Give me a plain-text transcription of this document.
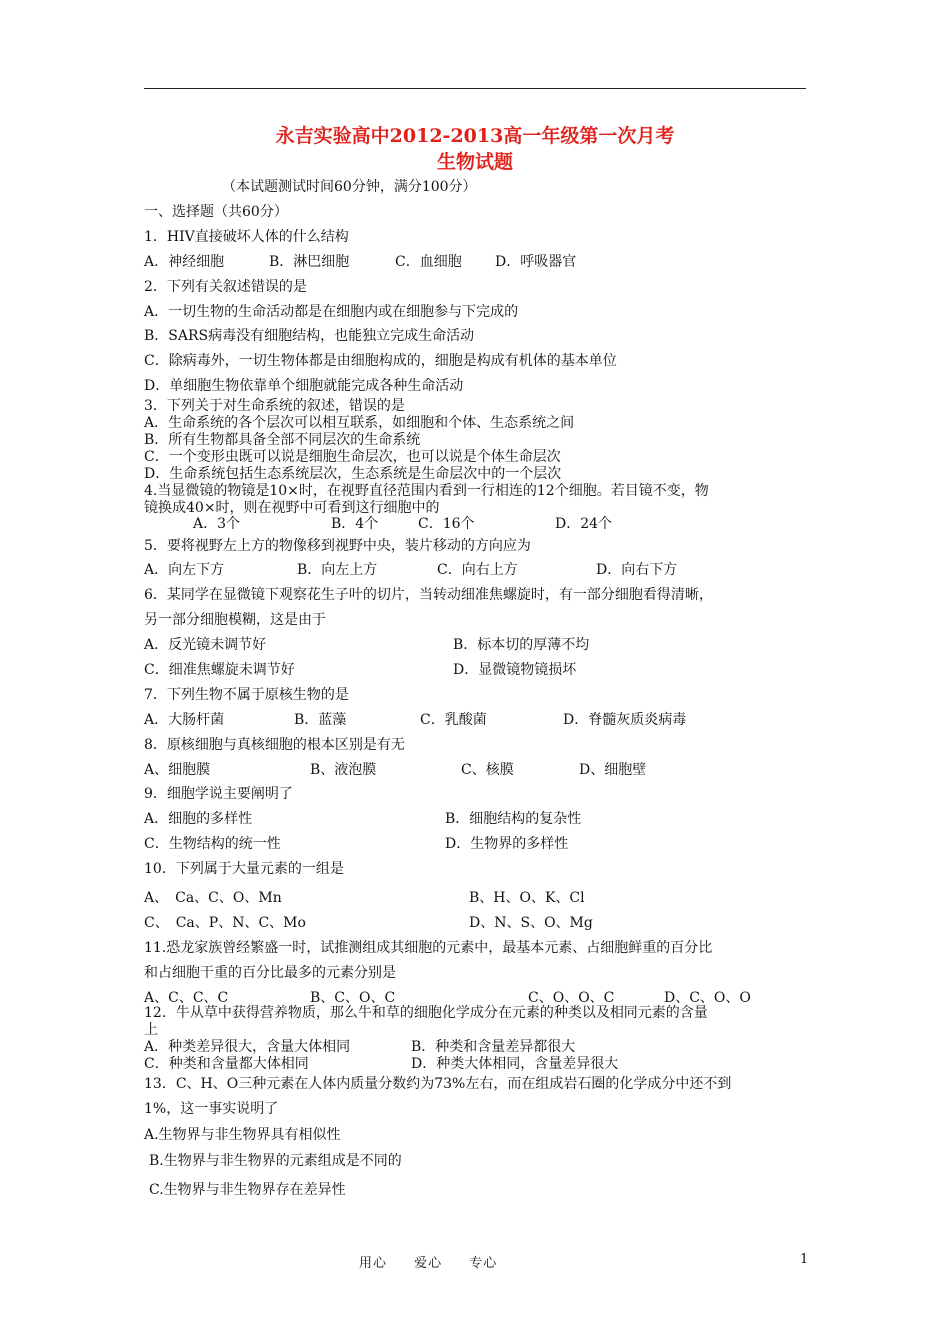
永吉实验高中2012-2013高一年级第一次月考
生物试题
（本试题测试时间60分钟，满分100分）
一、选择题（共60分）
1．HIV直接破坏人体的什么结构
A．神经细胞	B．淋巴细胞	C．血细胞 D．呼吸器官
2．下列有关叙述错误的是
A．一切生物的生命活动都是在细胞内或在细胞参与下完成的
B．SARS病毒没有细胞结构，也能独立完成生命活动
C．除病毒外，一切生物体都是由细胞构成的，细胞是构成有机体的基本单位
D．单细胞生物依靠单个细胞就能完成各种生命活动
3．下列关于对生命系统的叙述，错误的是
A．生命系统的各个层次可以相互联系，如细胞和个体、生态系统之间
B．所有生物都具备全部不同层次的生命系统
C．一个变形虫既可以说是细胞生命层次，也可以说是个体生命层次
D．生命系统包括生态系统层次，生态系统是生命层次中的一个层次
4.当显微镜的物镜是10×时，在视野直径范围内看到一行相连的12个细胞。若目镜不变，物
镜换成40×时，则在视野中可看到这行细胞中的
A．3个	B．4个	C．16个	D．24个
5．要将视野左上方的物像移到视野中央，装片移动的方向应为
A．向左下方	B．向左上方	C．向右上方	D．向右下方
6．某同学在显微镜下观察花生子叶的切片，当转动细准焦螺旋时，有一部分细胞看得清晰，
另一部分细胞模糊，这是由于
A．反光镜未调节好	B．标本切的厚薄不均
C．细准焦螺旋未调节好	D．显微镜物镜损坏
7．下列生物不属于原核生物的是
A．大肠杆菌	B．蓝藻	C．乳酸菌	D．脊髓灰质炎病毒
8．原核细胞与真核细胞的根本区别是有无
A、细胞膜	B、液泡膜	C、核膜	D、细胞壁
9．细胞学说主要阐明了
A．细胞的多样性	B．细胞结构的复杂性
C．生物结构的统一性	D．生物界的多样性
10．下列属于大量元素的一组是
A、　Ca、C、O、Mn	B、H、O、K、Cl
C、　Ca、P、N、C、Mo	D、N、S、O、Mg
11.恐龙家族曾经繁盛一时，试推测组成其细胞的元素中，最基本元素、占细胞鲜重的百分比
和占细胞干重的百分比最多的元素分别是
A、C、C、C	B、C、O、C	C、O、O、C	D、C、O、O
12．牛从草中获得营养物质，那么牛和草的细胞化学成分在元素的种类以及相同元素的含量
上
A．种类差异很大，含量大体相同	B．种类和含量差异都很大
C．种类和含量都大体相同	D．种类大体相同，含量差异很大
13．C、H、O三种元素在人体内质量分数约为73%左右，而在组成岩石圈的化学成分中还不到
1%，这一事实说明了
A.生物界与非生物界具有相似性
B.生物界与非生物界的元素组成是不同的
C.生物界与非生物界存在差异性
用心 爱心 专心	1
